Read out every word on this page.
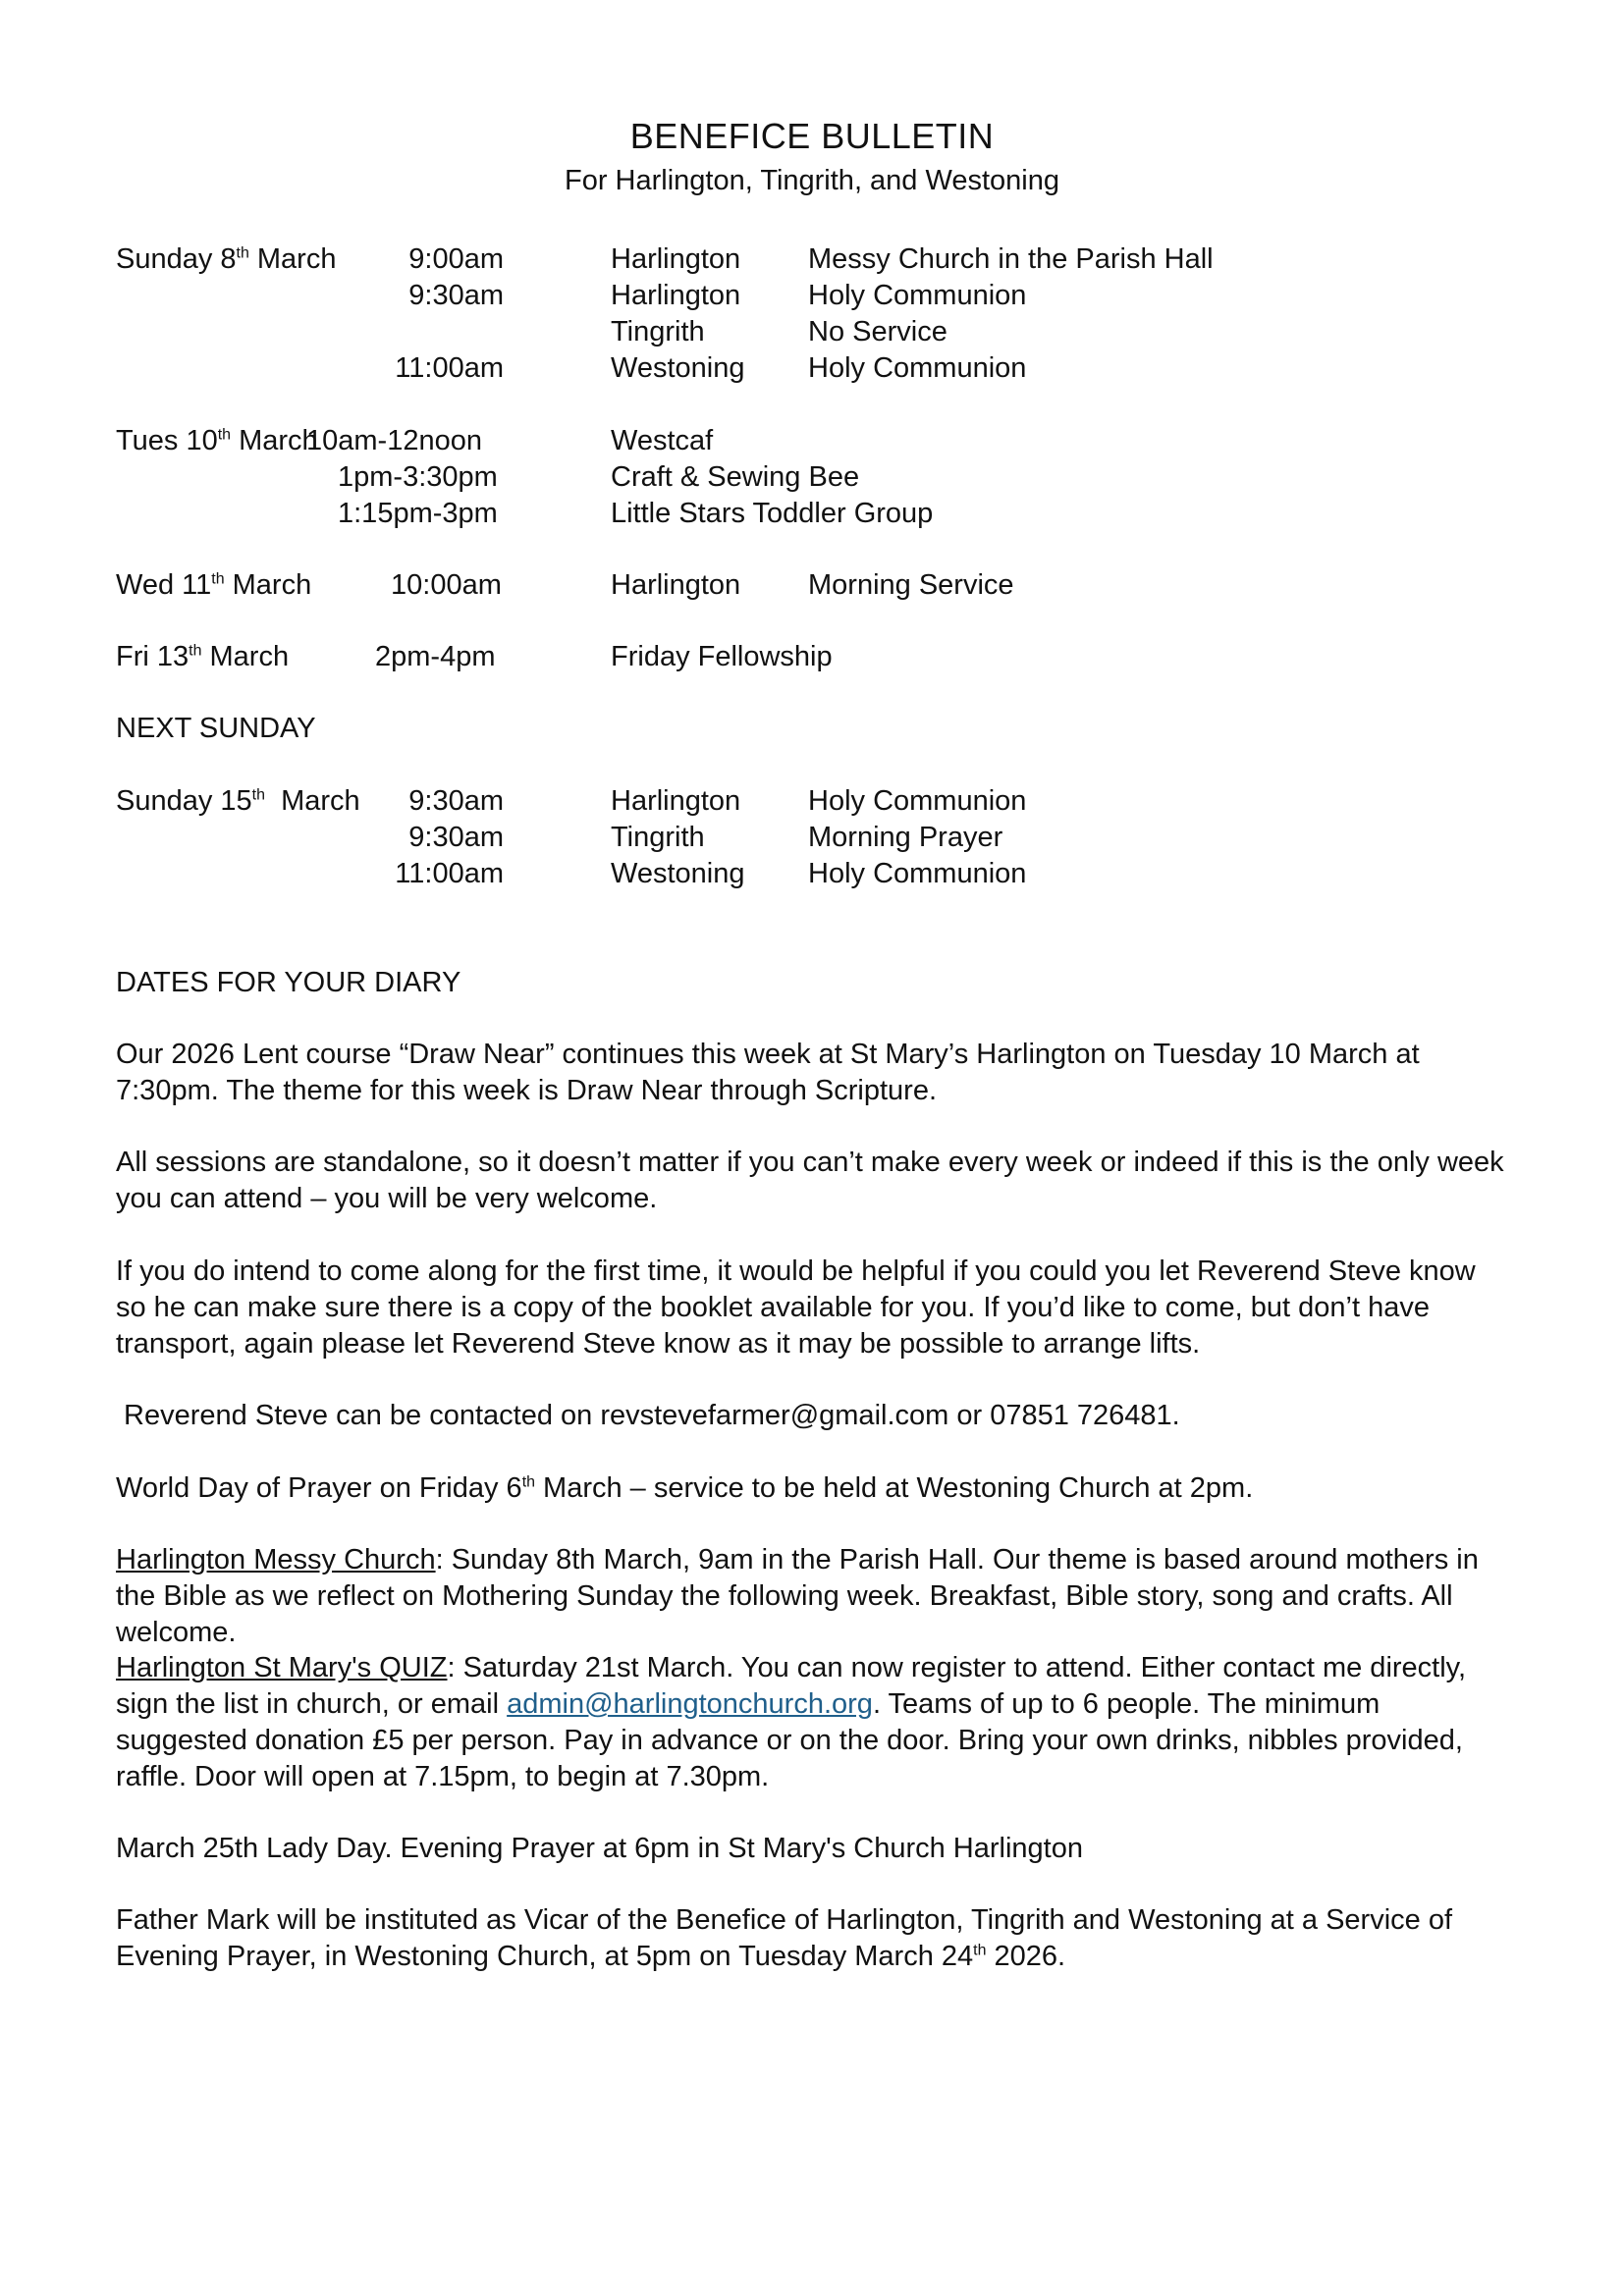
BENEFICE BULLETIN
For Harlington, Tingrith, and Westoning
Sunday 8th March	9:00am	Harlington Messy Church in the Parish Hall
9:30am	Harlington Holy Communion
Tingrith	No Service
11:00am	Westoning Holy Communion
Tues 10th March
10am-12noon	Westcaf
1pm-3:30pm	Craft & Sewing Bee
1:15pm-3pm	Little Stars Toddler Group
Wed 11th March	10:00am	Harlington Morning Service
Fri 13th March	2pm-4pm	Friday Fellowship
NEXT SUNDAY
Sunday 15th  March	9:30am	Harlington Holy Communion
9:30am	Tingrith	Morning Prayer
11:00am	Westoning Holy Communion
DATES FOR YOUR DIARY
Our 2026 Lent course “Draw Near” continues this week at St Mary’s Harlington on Tuesday 10 March at 7:30pm. The theme for this week is Draw Near through Scripture.
All sessions are standalone, so it doesn’t matter if you can’t make every week or indeed if this is the only week you can attend – you will be very welcome.
If you do intend to come along for the first time, it would be helpful if you could you let Reverend Steve know so he can make sure there is a copy of the booklet available for you. If you’d like to come, but don’t have transport, again please let Reverend Steve know as it may be possible to arrange lifts.
Reverend Steve can be contacted on revstevefarmer@gmail.com or 07851 726481.
World Day of Prayer on Friday 6th March – service to be held at Westoning Church at 2pm.
Harlington Messy Church: Sunday 8th March, 9am in the Parish Hall. Our theme is based around mothers in the Bible as we reflect on Mothering Sunday the following week. Breakfast, Bible story, song and crafts. All welcome.
Harlington St Mary's QUIZ: Saturday 21st March. You can now register to attend. Either contact me directly, sign the list in church, or email admin@harlingtonchurch.org. Teams of up to 6 people. The minimum suggested donation £5 per person. Pay in advance or on the door. Bring your own drinks, nibbles provided, raffle. Door will open at 7.15pm, to begin at 7.30pm.
March 25th Lady Day. Evening Prayer at 6pm in St Mary's Church Harlington
Father Mark will be instituted as Vicar of the Benefice of Harlington, Tingrith and Westoning at a Service of Evening Prayer, in Westoning Church, at 5pm on Tuesday March 24th 2026.
